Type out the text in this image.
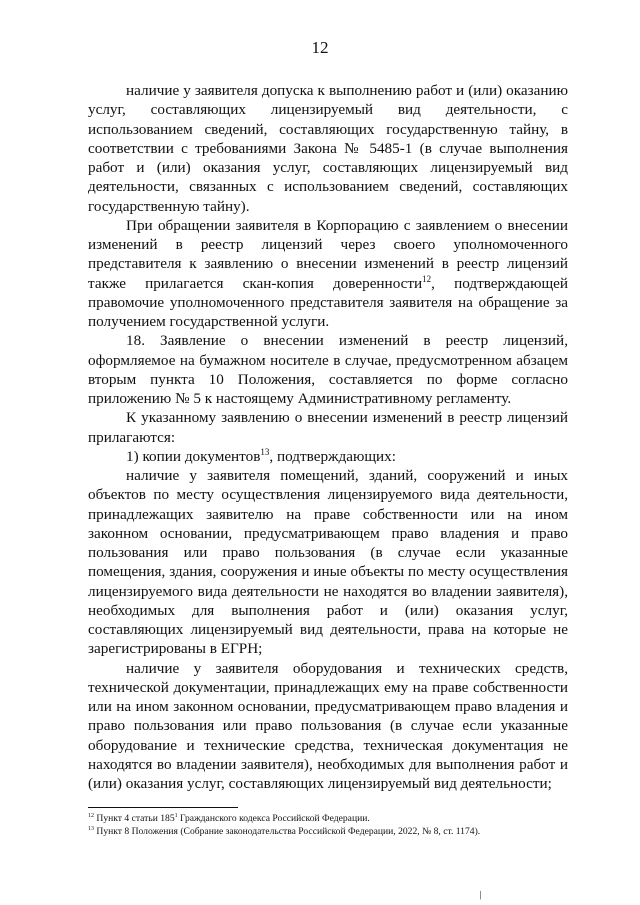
12

наличие у заявителя допуска к выполнению работ и (или) оказанию услуг, составляющих лицензируемый вид деятельности, с использованием сведений, составляющих государственную тайну, в соответствии с требованиями Закона № 5485-1 (в случае выполнения работ и (или) оказания услуг, составляющих лицензируемый вид деятельности, связанных с использованием сведений, составляющих государственную тайну).

При обращении заявителя в Корпорацию с заявлением о внесении изменений в реестр лицензий через своего уполномоченного представителя к заявлению о внесении изменений в реестр лицензий также прилагается скан-копия доверенности$^{12}$, подтверждающей правомочие уполномоченного представителя заявителя на обращение за получением государственной услуги.

18. Заявление о внесении изменений в реестр лицензий, оформляемое на бумажном носителе в случае, предусмотренном абзацем вторым пункта 10 Положения, составляется по форме согласно приложению № 5 к настоящему Административному регламенту.

К указанному заявлению о внесении изменений в реестр лицензий прилагаются:

1) копии документов$^{13}$, подтверждающих:

наличие у заявителя помещений, зданий, сооружений и иных объектов по месту осуществления лицензируемого вида деятельности, принадлежащих заявителю на праве собственности или на ином законном основании, предусматривающем право владения и право пользования или право пользования (в случае если указанные помещения, здания, сооружения и иные объекты по месту осуществления лицензируемого вида деятельности не находятся во владении заявителя), необходимых для выполнения работ и (или) оказания услуг, составляющих лицензируемый вид деятельности, права на которые не зарегистрированы в ЕГРН;

наличие у заявителя оборудования и технических средств, технической документации, принадлежащих ему на праве собственности или на ином законном основании, предусматривающем право владения и право пользования или право пользования (в случае если указанные оборудование и технические средства, техническая документация не находятся во владении заявителя), необходимых для выполнения работ и (или) оказания услуг, составляющих лицензируемый вид деятельности;

$^{12}$ Пункт 4 статьи $185^1$ Гражданского кодекса Российской Федерации.
$^{13}$ Пункт 8 Положения (Собрание законодательства Российской Федерации, 2022, № 8, ст. 1174).
/
